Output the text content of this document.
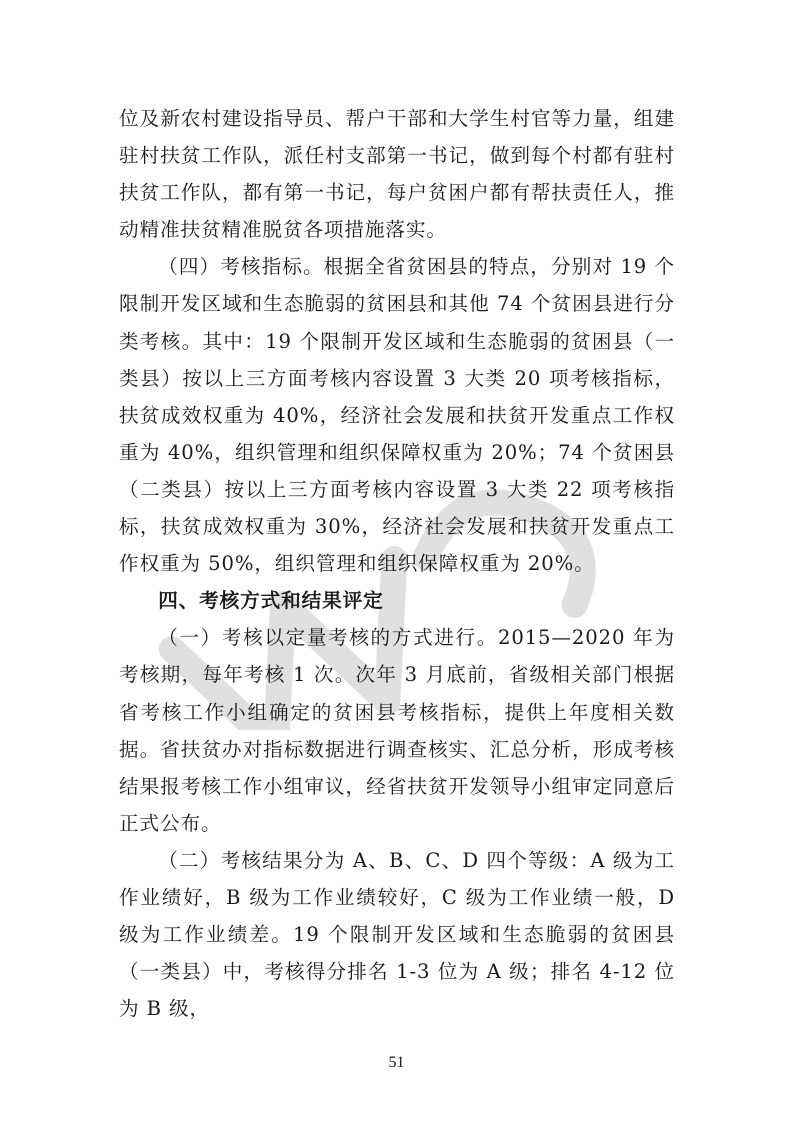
位及新农村建设指导员、帮户干部和大学生村官等力量，组建驻村扶贫工作队，派任村支部第一书记，做到每个村都有驻村扶贫工作队，都有第一书记，每户贫困户都有帮扶责任人，推动精准扶贫精准脱贫各项措施落实。

（四）考核指标。根据全省贫困县的特点，分别对 19 个限制开发区域和生态脆弱的贫困县和其他 74 个贫困县进行分类考核。其中：19 个限制开发区域和生态脆弱的贫困县（一类县）按以上三方面考核内容设置 3 大类 20 项考核指标，扶贫成效权重为 40%，经济社会发展和扶贫开发重点工作权重为 40%，组织管理和组织保障权重为 20%；74 个贫困县（二类县）按以上三方面考核内容设置 3 大类 22 项考核指标，扶贫成效权重为 30%，经济社会发展和扶贫开发重点工作权重为 50%，组织管理和组织保障权重为 20%。

四、考核方式和结果评定

（一）考核以定量考核的方式进行。2015—2020 年为考核期，每年考核 1 次。次年 3 月底前，省级相关部门根据省考核工作小组确定的贫困县考核指标，提供上年度相关数据。省扶贫办对指标数据进行调查核实、汇总分析，形成考核结果报考核工作小组审议，经省扶贫开发领导小组审定同意后正式公布。

（二）考核结果分为 A、B、C、D 四个等级：A 级为工作业绩好，B 级为工作业绩较好，C 级为工作业绩一般，D 级为工作业绩差。19 个限制开发区域和生态脆弱的贫困县（一类县）中，考核得分排名 1-3 位为 A 级；排名 4-12 位为 B 级，

51
